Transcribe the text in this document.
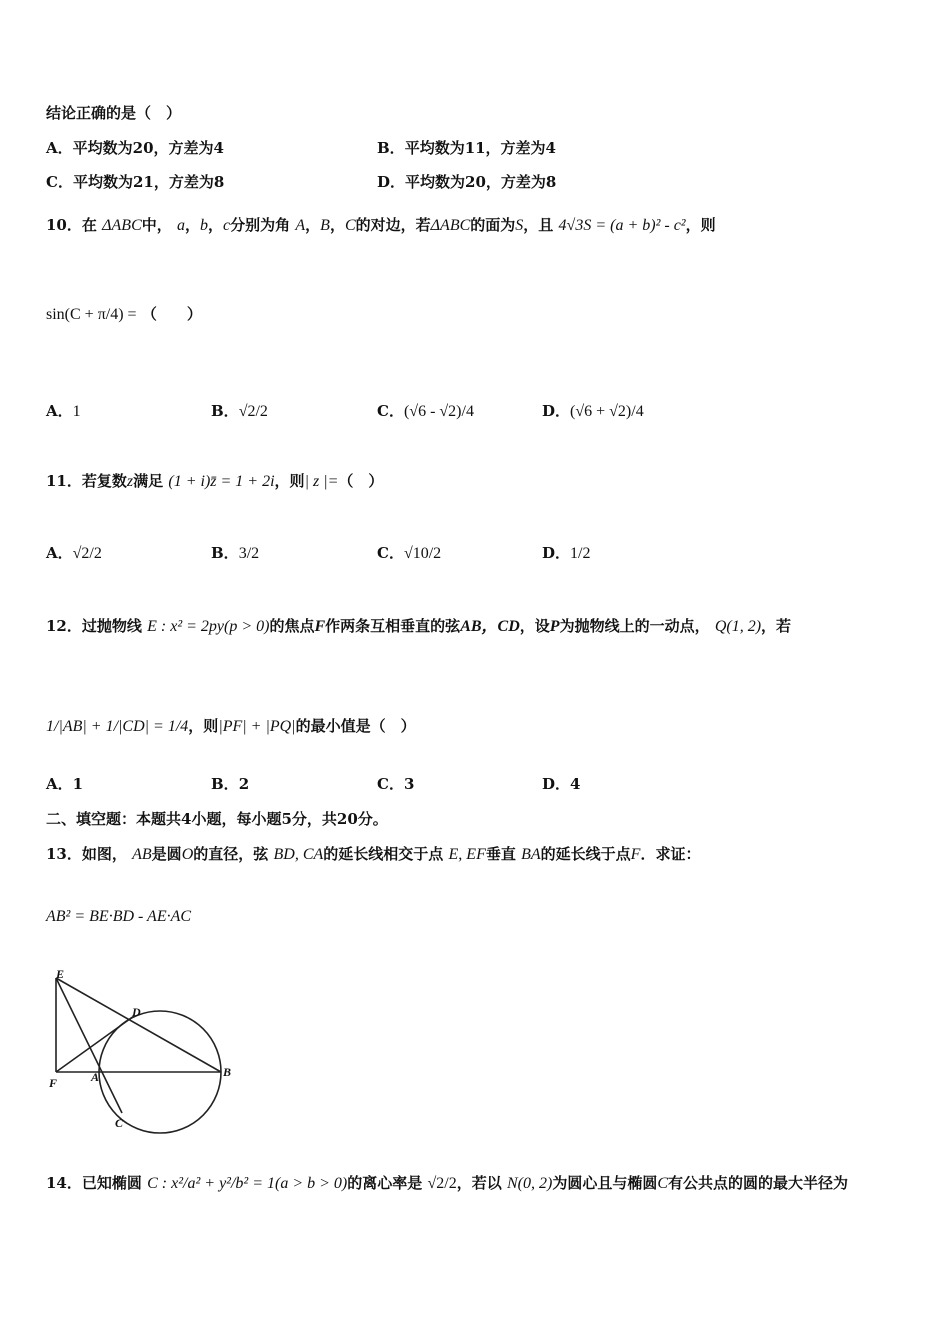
结论正确的是（　）
A．平均数为20，方差为4	B．平均数为11，方差为4
C．平均数为21，方差为8	D．平均数为20，方差为8
10．在 ΔABC中， a，b，c分别为角 A，B，C的对边，若ΔABC的面为S，且 4√3S = (a + b)² - c²，则
sin(C + π/4) = （　　）
A．1	B．√2/2	C．(√6 - √2)/4	D．(√6 + √2)/4
11．若复数z满足 (1 + i)z̄ = 1 + 2i，则| z |=（　）
A．√2/2	B．3/2	C．√10/2	D．1/2
12．过抛物线 E : x² = 2py(p > 0)的焦点F作两条互相垂直的弦AB，CD，设P为抛物线上的一动点， Q(1, 2)，若
1/|AB| + 1/|CD| = 1/4，则|PF| + |PQ|的最小值是（　）
A．1	B．2	C．3	D．4
二、填空题：本题共4小题，每小题5分，共20分。
13．如图， AB是圆O的直径，弦 BD, CA的延长线相交于点 E, EF垂直 BA的延长线于点F．求证：
AB² = BE·BD - AE·AC
E
D
F	A	B
C
14．已知椭圆 C : x²/a² + y²/b² = 1(a > b > 0)的离心率是 √2/2，若以 N(0, 2)为圆心且与椭圆C有公共点的圆的最大半径为
